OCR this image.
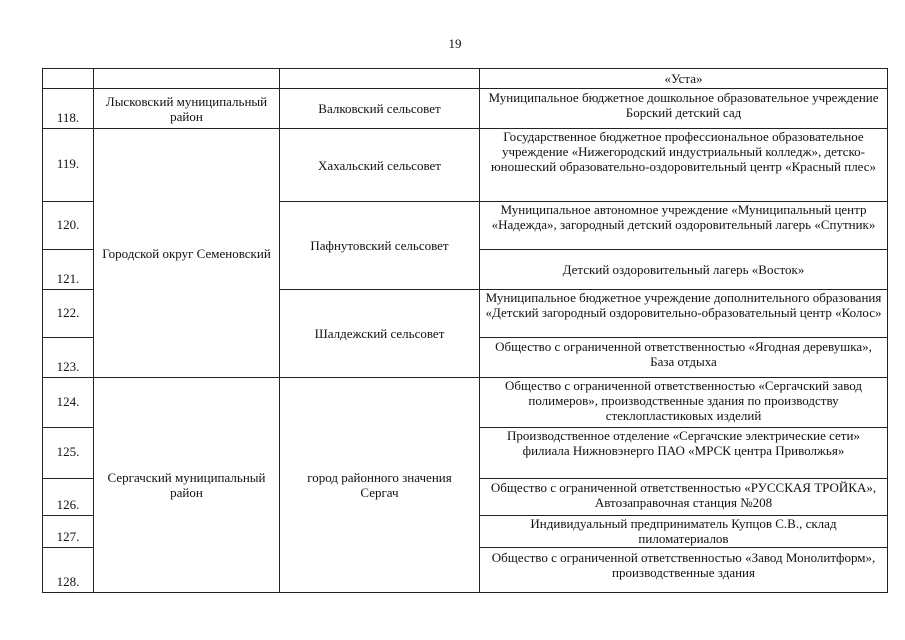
19
«Уста»
Лысковский муниципальный район
Городской округ Семеновский
Сергачский муниципальный район
Валковский сельсовет
Хахальский сельсовет
Пафнутовский сельсовет
Шалдежский сельсовет
город районного значения Сергач
118.
119.
120.
121.
122.
123.
124.
125.
126.
127.
128.
Муниципальное бюджетное дошкольное образовательное учреждение Борский детский сад
Государственное бюджетное профессиональное образовательное учреждение «Нижегородский индустриальный колледж», детско-юношеский образовательно-оздоровительный центр «Красный плес»
Муниципальное автономное учреждение «Муниципальный центр «Надежда», загородный детский оздоровительный лагерь «Спутник»
Детский оздоровительный лагерь «Восток»
Муниципальное бюджетное учреждение дополнительного образования «Детский загородный оздоровительно-образовательный центр «Колос»
Общество с ограниченной ответственностью «Ягодная деревушка», База отдыха
Общество с ограниченной ответственностью «Сергачский завод полимеров», производственные здания по производству стеклопластиковых изделий
Производственное отделение «Сергачские электрические сети» филиала Нижновэнерго ПАО «МРСК центра Приволжья»
Общество с ограниченной ответственностью «РУССКАЯ ТРОЙКА», Автозаправочная станция №208
Индивидуальный предприниматель Купцов С.В., склад пиломатериалов
Общество с ограниченной ответственностью «Завод Монолитформ», производственные здания
